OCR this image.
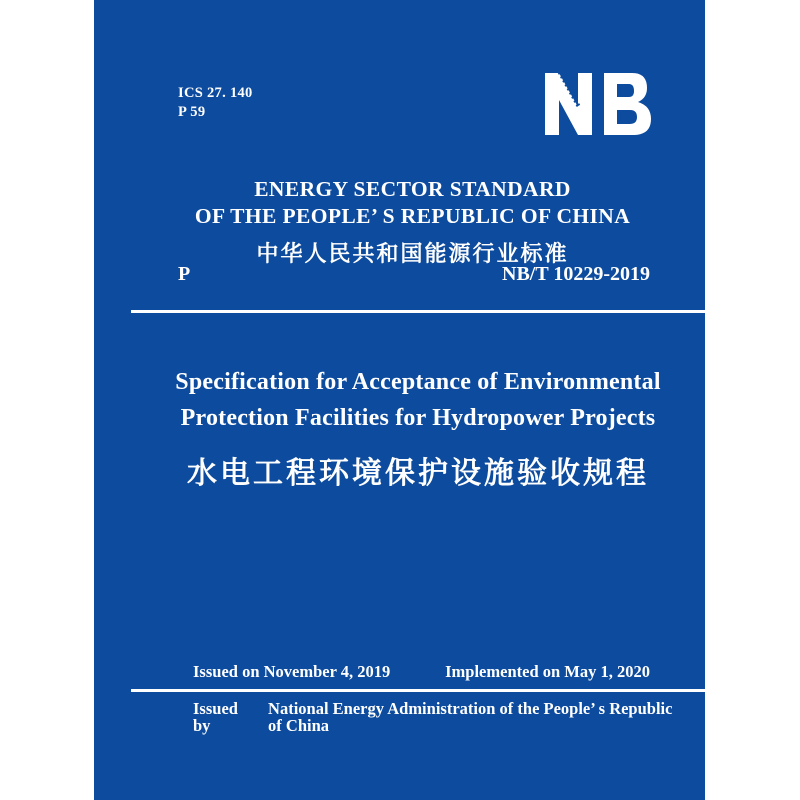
ICS 27. 140
P 59
ENERGY SECTOR STANDARD
OF THE PEOPLE’ S REPUBLIC OF CHINA
中华人民共和国能源行业标准
P	NB/T 10229-2019
Specification for Acceptance of Environmental
Protection Facilities for Hydropower Projects
水电工程环境保护设施验收规程
Issued on November 4, 2019	Implemented on May 1, 2020
Issued by
National Energy Administration of the People’ s Republic of China
